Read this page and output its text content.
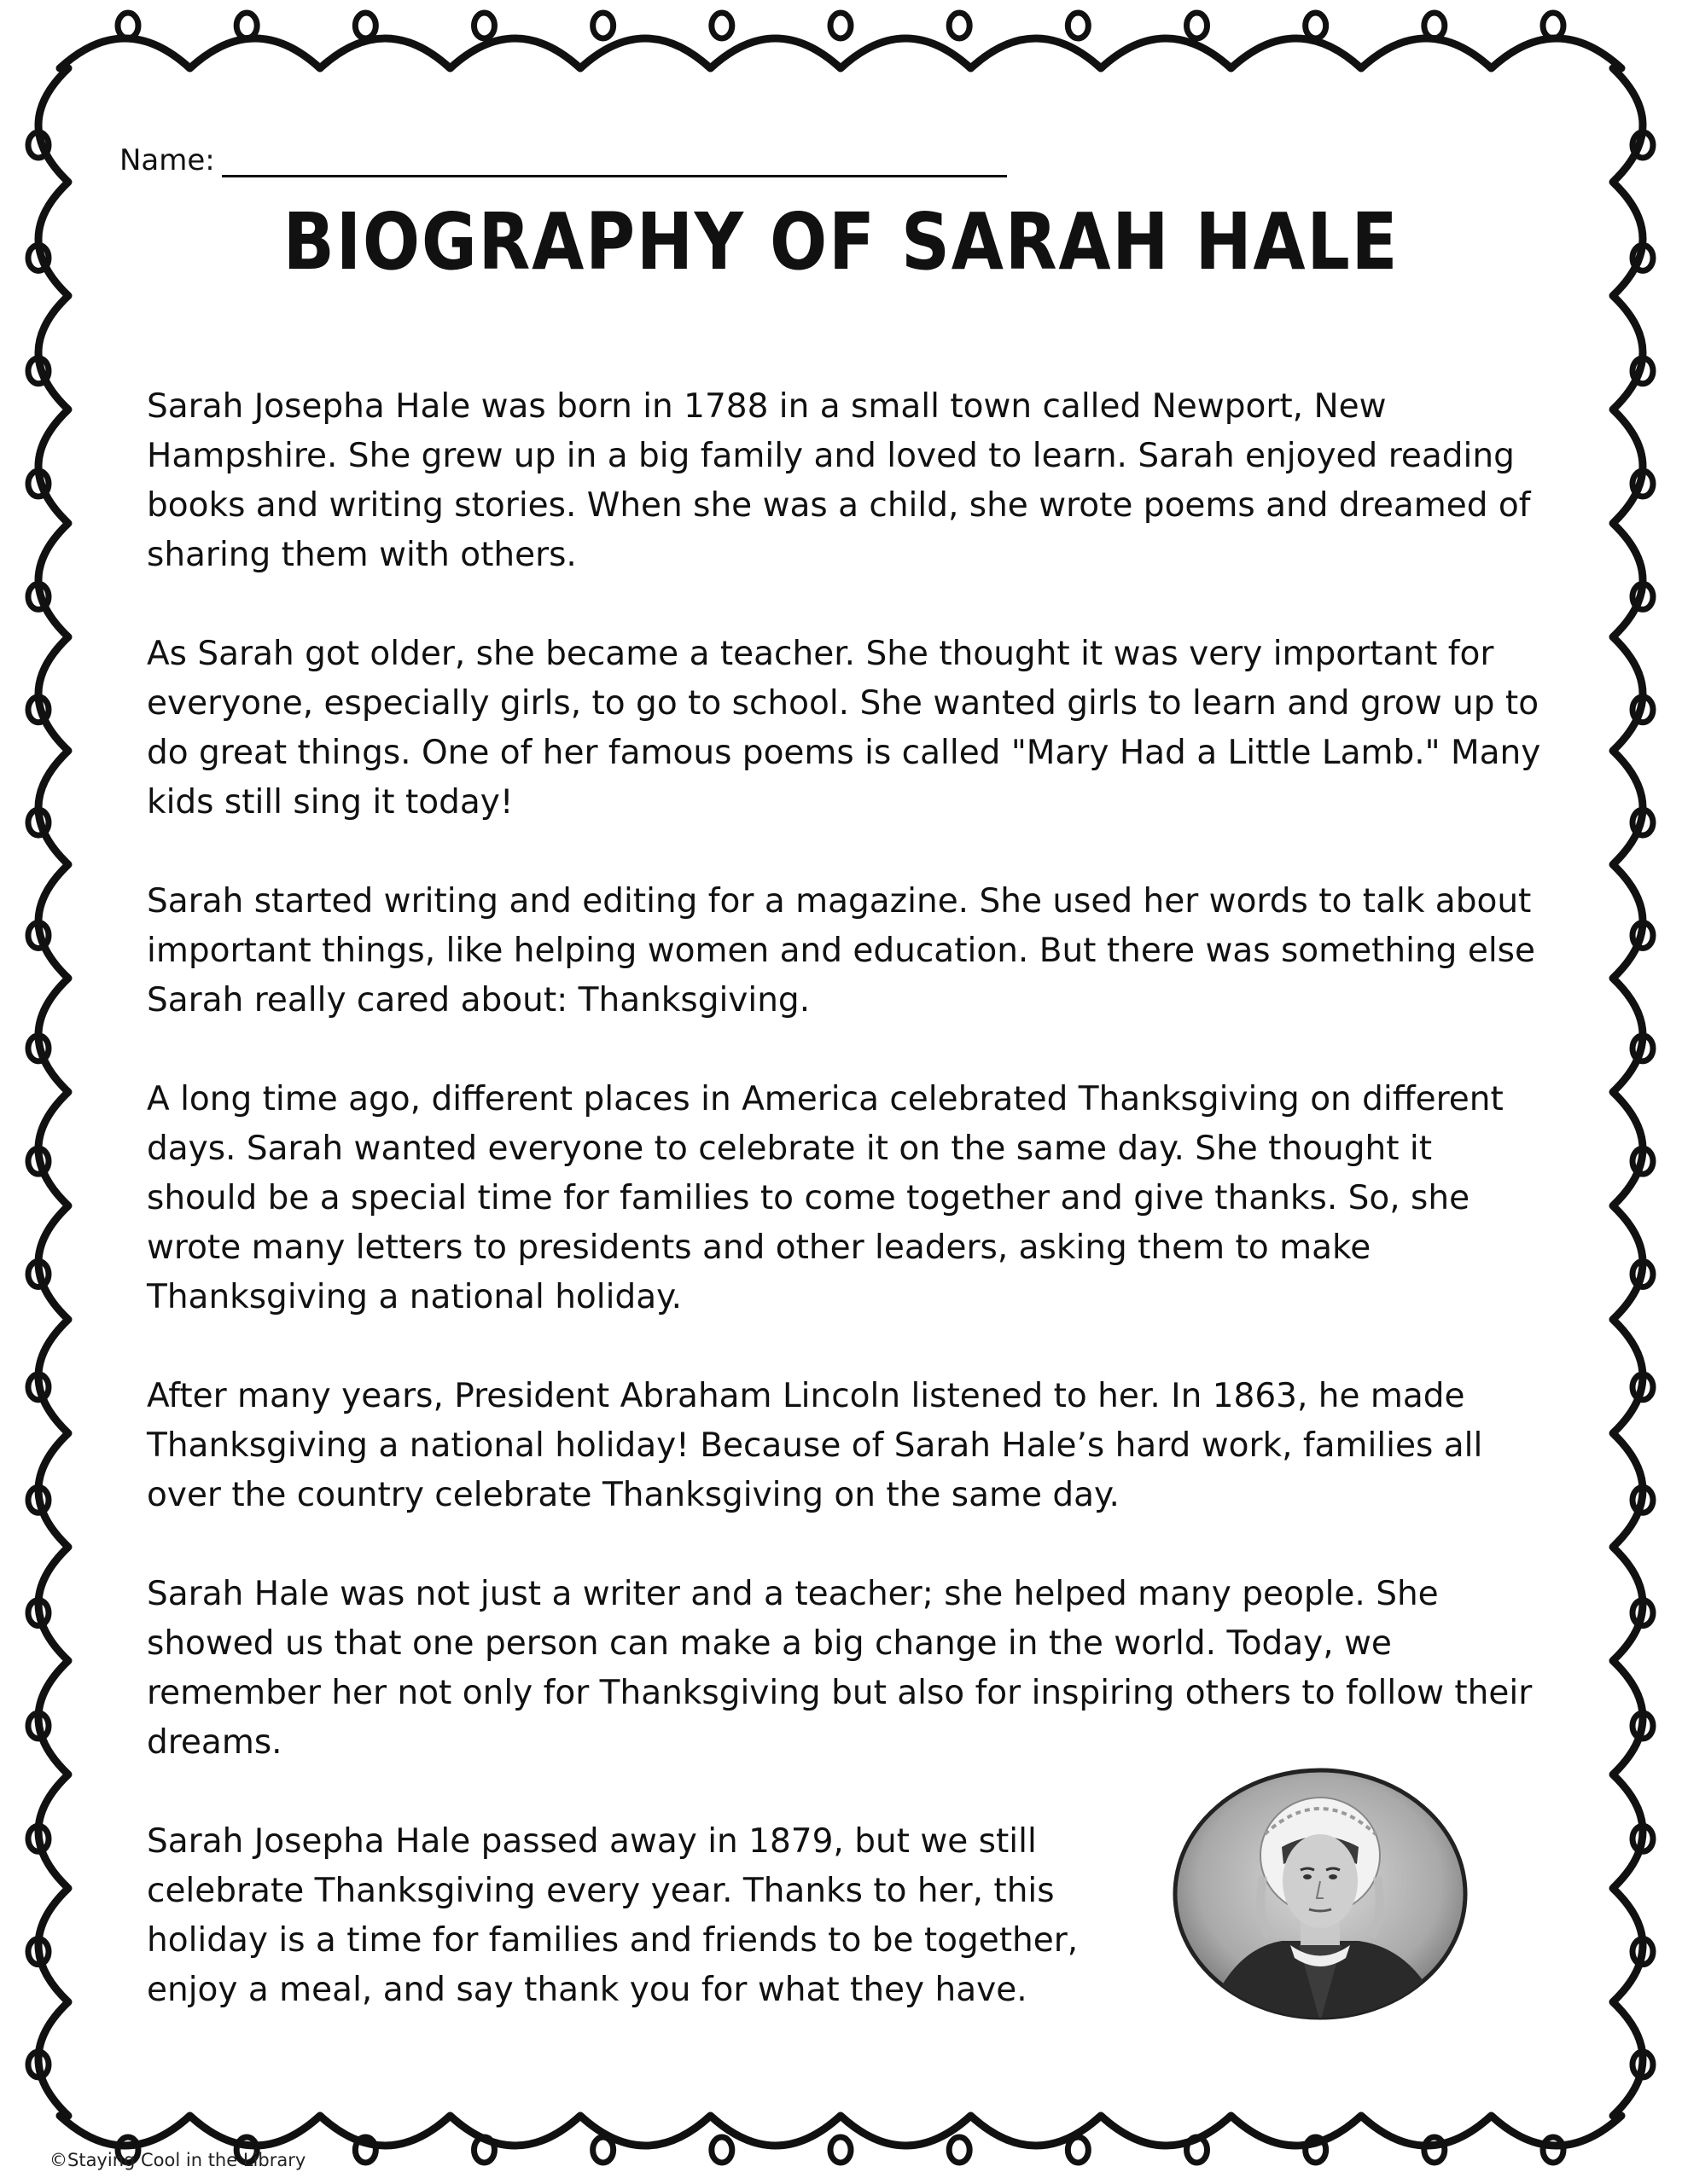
Name:
BIOGRAPHY OF SARAH HALE

Sarah Josepha Hale was born in 1788 in a small town called Newport, New Hampshire. She grew up in a big family and loved to learn. Sarah enjoyed reading books and writing stories. When she was a child, she wrote poems and dreamed of sharing them with others.

As Sarah got older, she became a teacher. She thought it was very important for everyone, especially girls, to go to school. She wanted girls to learn and grow up to do great things. One of her famous poems is called "Mary Had a Little Lamb." Many kids still sing it today!

Sarah started writing and editing for a magazine. She used her words to talk about important things, like helping women and education. But there was something else Sarah really cared about: Thanksgiving.

A long time ago, different places in America celebrated Thanksgiving on different days. Sarah wanted everyone to celebrate it on the same day. She thought it should be a special time for families to come together and give thanks. So, she wrote many letters to presidents and other leaders, asking them to make Thanksgiving a national holiday.

After many years, President Abraham Lincoln listened to her. In 1863, he made Thanksgiving a national holiday! Because of Sarah Hale’s hard work, families all over the country celebrate Thanksgiving on the same day.

Sarah Hale was not just a writer and a teacher; she helped many people. She showed us that one person can make a big change in the world. Today, we remember her not only for Thanksgiving but also for inspiring others to follow their dreams.

Sarah Josepha Hale passed away in 1879, but we still celebrate Thanksgiving every year. Thanks to her, this holiday is a time for families and friends to be together, enjoy a meal, and say thank you for what they have.

©Staying Cool in the Library
